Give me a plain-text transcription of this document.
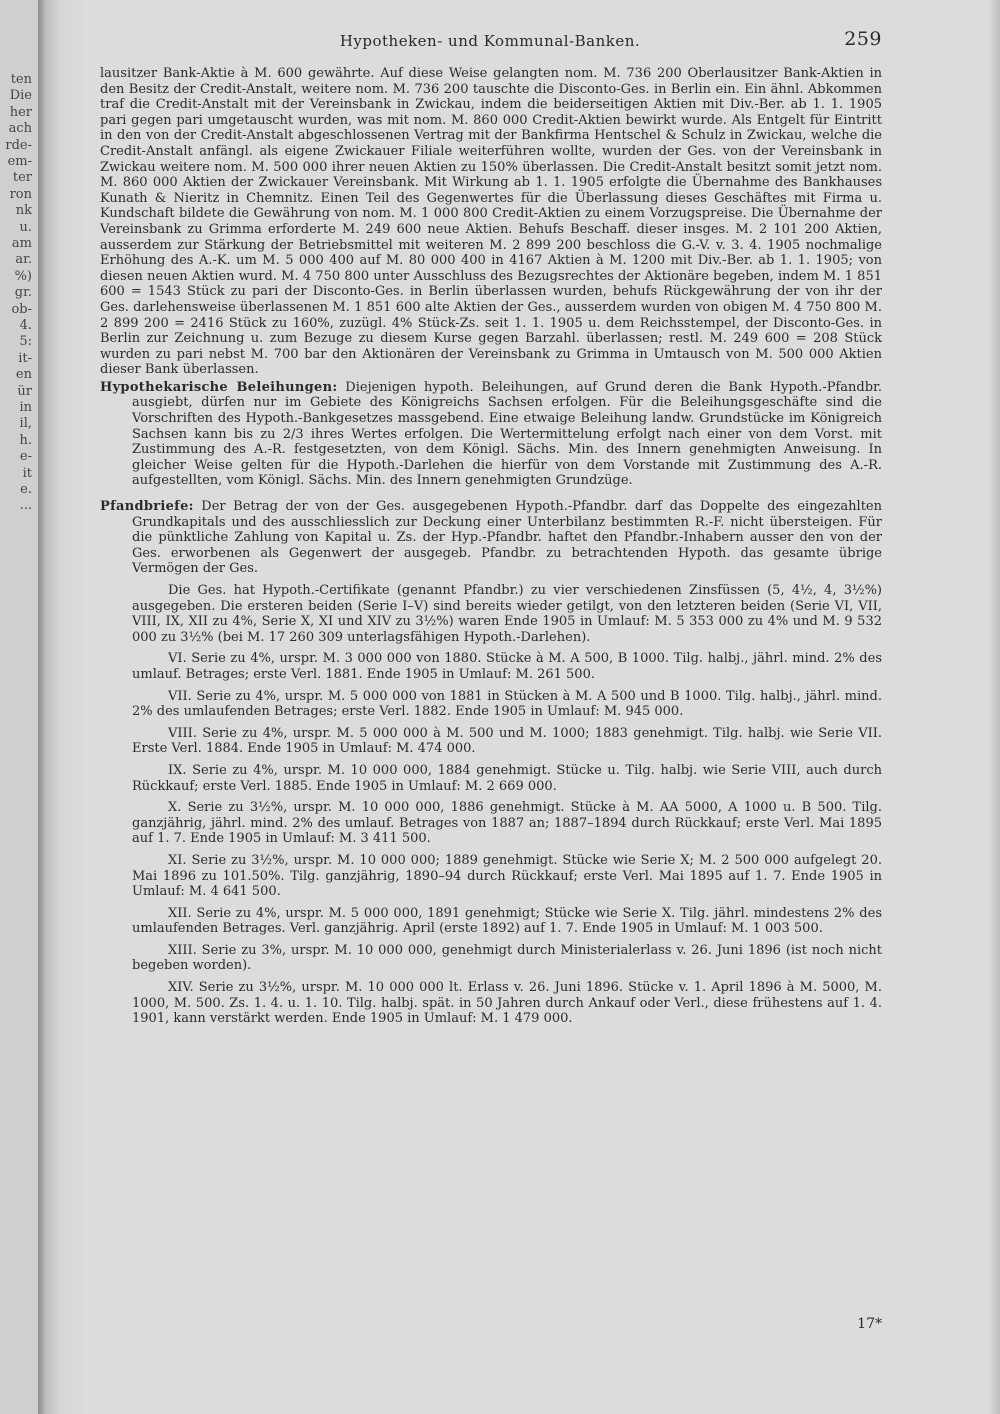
ten
Die
her
ach
rde-
em-
ter
ron
nk
u.
am
ar.
%)
gr.
ob-
4.
5:
it-
en
ür
in
il,
h.
e-
it
e.
...
Hypotheken- und Kommunal-Banken.	259

lausitzer Bank-Aktie à M. 600 gewährte. Auf diese Weise gelangten nom. M. 736 200 Oberlausitzer Bank-Aktien in den Besitz der Credit-Anstalt, weitere nom. M. 736 200 tauschte die Disconto-Ges. in Berlin ein. Ein ähnl. Abkommen traf die Credit-Anstalt mit der Vereinsbank in Zwickau, indem die beiderseitigen Aktien mit Div.-Ber. ab 1. 1. 1905 pari gegen pari umgetauscht wurden, was mit nom. M. 860 000 Credit-Aktien bewirkt wurde. Als Entgelt für Eintritt in den von der Credit-Anstalt abgeschlossenen Vertrag mit der Bankfirma Hentschel & Schulz in Zwickau, welche die Credit-Anstalt anfängl. als eigene Zwickauer Filiale weiterführen wollte, wurden der Ges. von der Vereinsbank in Zwickau weitere nom. M. 500 000 ihrer neuen Aktien zu 150% überlassen. Die Credit-Anstalt besitzt somit jetzt nom. M. 860 000 Aktien der Zwickauer Vereinsbank. Mit Wirkung ab 1. 1. 1905 erfolgte die Übernahme des Bankhauses Kunath & Nieritz in Chemnitz. Einen Teil des Gegenwertes für die Überlassung dieses Geschäftes mit Firma u. Kundschaft bildete die Gewährung von nom. M. 1 000 800 Credit-Aktien zu einem Vorzugspreise. Die Übernahme der Vereinsbank zu Grimma erforderte M. 249 600 neue Aktien. Behufs Beschaff. dieser insges. M. 2 101 200 Aktien, ausserdem zur Stärkung der Betriebsmittel mit weiteren M. 2 899 200 beschloss die G.-V. v. 3. 4. 1905 nochmalige Erhöhung des A.-K. um M. 5 000 400 auf M. 80 000 400 in 4167 Aktien à M. 1200 mit Div.-Ber. ab 1. 1. 1905; von diesen neuen Aktien wurd. M. 4 750 800 unter Ausschluss des Bezugsrechtes der Aktionäre begeben, indem M. 1 851 600 = 1543 Stück zu pari der Disconto-Ges. in Berlin überlassen wurden, behufs Rückgewährung der von ihr der Ges. darlehensweise überlassenen M. 1 851 600 alte Aktien der Ges., ausserdem wurden von obigen M. 4 750 800 M. 2 899 200 = 2416 Stück zu 160%, zuzügl. 4% Stück-Zs. seit 1. 1. 1905 u. dem Reichsstempel, der Disconto-Ges. in Berlin zur Zeichnung u. zum Bezuge zu diesem Kurse gegen Barzahl. überlassen; restl. M. 249 600 = 208 Stück wurden zu pari nebst M. 700 bar den Aktionären der Vereinsbank zu Grimma in Umtausch von M. 500 000 Aktien dieser Bank überlassen.

Hypothekarische Beleihungen: Diejenigen hypoth. Beleihungen, auf Grund deren die Bank Hypoth.-Pfandbr. ausgiebt, dürfen nur im Gebiete des Königreichs Sachsen erfolgen. Für die Beleihungsgeschäfte sind die Vorschriften des Hypoth.-Bankgesetzes massgebend. Eine etwaige Beleihung landw. Grundstücke im Königreich Sachsen kann bis zu 2/3 ihres Wertes erfolgen. Die Wertermittelung erfolgt nach einer von dem Vorst. mit Zustimmung des A.-R. festgesetzten, von dem Königl. Sächs. Min. des Innern genehmigten Anweisung. In gleicher Weise gelten für die Hypoth.-Darlehen die hierfür von dem Vorstande mit Zustimmung des A.-R. aufgestellten, vom Königl. Sächs. Min. des Innern genehmigten Grundzüge.

Pfandbriefe: Der Betrag der von der Ges. ausgegebenen Hypoth.-Pfandbr. darf das Doppelte des eingezahlten Grundkapitals und des ausschliesslich zur Deckung einer Unterbilanz bestimmten R.-F. nicht übersteigen. Für die pünktliche Zahlung von Kapital u. Zs. der Hyp.-Pfandbr. haftet den Pfandbr.-Inhabern ausser den von der Ges. erworbenen als Gegenwert der ausgegeb. Pfandbr. zu betrachtenden Hypoth. das gesamte übrige Vermögen der Ges.

Die Ges. hat Hypoth.-Certifikate (genannt Pfandbr.) zu vier verschiedenen Zinsfüssen (5, 4½, 4, 3½%) ausgegeben. Die ersteren beiden (Serie I–V) sind bereits wieder getilgt, von den letzteren beiden (Serie VI, VII, VIII, IX, XII zu 4%, Serie X, XI und XIV zu 3½%) waren Ende 1905 in Umlauf: M. 5 353 000 zu 4% und M. 9 532 000 zu 3½% (bei M. 17 260 309 unterlagsfähigen Hypoth.-Darlehen).

VI. Serie zu 4%, urspr. M. 3 000 000 von 1880. Stücke à M. A 500, B 1000. Tilg. halbj., jährl. mind. 2% des umlauf. Betrages; erste Verl. 1881. Ende 1905 in Umlauf: M. 261 500.

VII. Serie zu 4%, urspr. M. 5 000 000 von 1881 in Stücken à M. A 500 und B 1000. Tilg. halbj., jährl. mind. 2% des umlaufenden Betrages; erste Verl. 1882. Ende 1905 in Umlauf: M. 945 000.

VIII. Serie zu 4%, urspr. M. 5 000 000 à M. 500 und M. 1000; 1883 genehmigt. Tilg. halbj. wie Serie VII. Erste Verl. 1884. Ende 1905 in Umlauf: M. 474 000.

IX. Serie zu 4%, urspr. M. 10 000 000, 1884 genehmigt. Stücke u. Tilg. halbj. wie Serie VIII, auch durch Rückkauf; erste Verl. 1885. Ende 1905 in Umlauf: M. 2 669 000.

X. Serie zu 3½%, urspr. M. 10 000 000, 1886 genehmigt. Stücke à M. AA 5000, A 1000 u. B 500. Tilg. ganzjährig, jährl. mind. 2% des umlauf. Betrages von 1887 an; 1887–1894 durch Rückkauf; erste Verl. Mai 1895 auf 1. 7. Ende 1905 in Umlauf: M. 3 411 500.

XI. Serie zu 3½%, urspr. M. 10 000 000; 1889 genehmigt. Stücke wie Serie X; M. 2 500 000 aufgelegt 20. Mai 1896 zu 101.50%. Tilg. ganzjährig, 1890–94 durch Rückkauf; erste Verl. Mai 1895 auf 1. 7. Ende 1905 in Umlauf: M. 4 641 500.

XII. Serie zu 4%, urspr. M. 5 000 000, 1891 genehmigt; Stücke wie Serie X. Tilg. jährl. mindestens 2% des umlaufenden Betrages. Verl. ganzjährig. April (erste 1892) auf 1. 7. Ende 1905 in Umlauf: M. 1 003 500.

XIII. Serie zu 3%, urspr. M. 10 000 000, genehmigt durch Ministerialerlass v. 26. Juni 1896 (ist noch nicht begeben worden).

XIV. Serie zu 3½%, urspr. M. 10 000 000 lt. Erlass v. 26. Juni 1896. Stücke v. 1. April 1896 à M. 5000, M. 1000, M. 500. Zs. 1. 4. u. 1. 10. Tilg. halbj. spät. in 50 Jahren durch Ankauf oder Verl., diese frühestens auf 1. 4. 1901, kann verstärkt werden. Ende 1905 in Umlauf: M. 1 479 000.

17*
